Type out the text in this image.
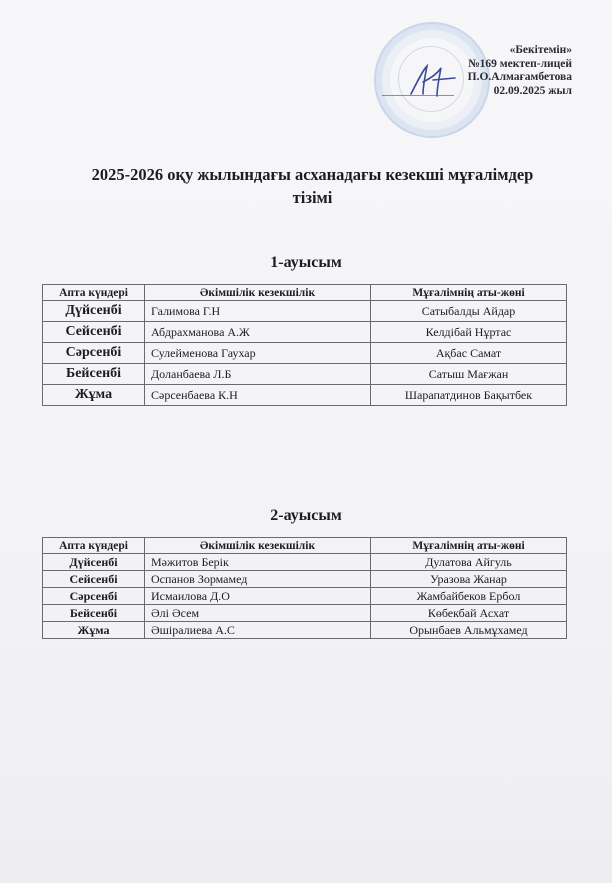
«Бекітемін»
№169 мектеп-лицей
П.О.Алмағамбетова
02.09.2025 жыл
2025-2026 оқу жылындағы асханадағы кезекші мұғалімдер
тізімі
1-ауысым
Апта күндері	Әкімшілік кезекшілік	Мұғалімнің аты-жөні
Дүйсенбі	Галимова Г.Н	Сатыбалды Айдар
Сейсенбі	Абдрахманова А.Ж	Келдібай Нұртас
Сәрсенбі	Сулейменова Гаухар	Ақбас Самат
Бейсенбі	Доланбаева Л.Б	Сатыш Мағжан
Жұма	Сәрсенбаева К.Н	Шарапатдинов Бақытбек
2-ауысым
Апта күндері	Әкімшілік кезекшілік	Мұғалімнің аты-жөні
Дүйсенбі	Мәжитов Берік	Дулатова Айгуль
Сейсенбі	Оспанов Зормамед	Уразова Жанар
Сәрсенбі	Исмаилова Д.О	Жамбайбеков Ербол
Бейсенбі	Әлі Әсем	Көбекбай Асхат
Жұма	Әшіралиева А.С	Орынбаев Альмұхамед
